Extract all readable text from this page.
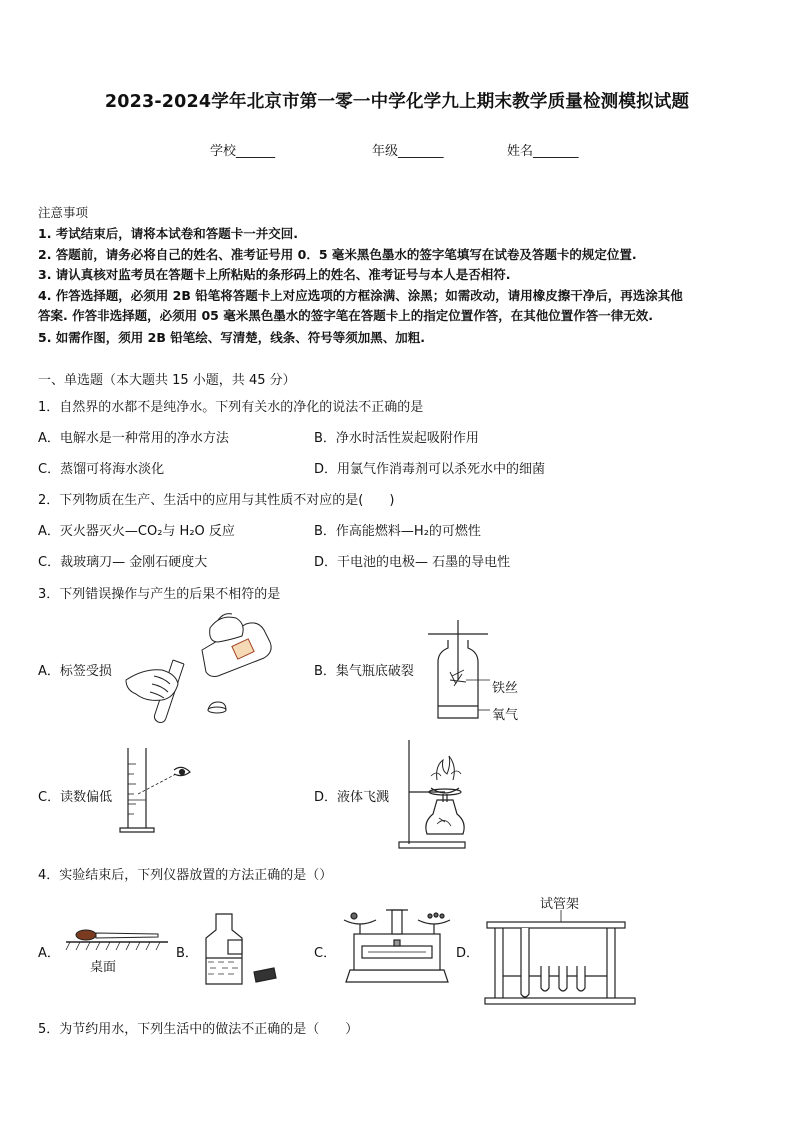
2023-2024学年北京市第一零一中学化学九上期末教学质量检测模拟试题
学校______	年级_______	姓名_______
注意事项
1. 考试结束后，请将本试卷和答题卡一并交回.
2. 答题前，请务必将自己的姓名、准考证号用 0．5 毫米黑色墨水的签字笔填写在试卷及答题卡的规定位置.
3. 请认真核对监考员在答题卡上所粘贴的条形码上的姓名、准考证号与本人是否相符.
4. 作答选择题，必须用 2B 铅笔将答题卡上对应选项的方框涂满、涂黑；如需改动，请用橡皮擦干净后，再选涂其他
答案. 作答非选择题，必须用 05 毫米黑色墨水的签字笔在答题卡上的指定位置作答，在其他位置作答一律无效.
5. 如需作图，须用 2B 铅笔绘、写清楚，线条、符号等须加黑、加粗.
一、单选题（本大题共 15 小题，共 45 分）
1．自然界的水都不是纯净水。下列有关水的净化的说法不正确的是
A．电解水是一种常用的净水方法	B．净水时活性炭起吸附作用
C．蒸馏可将海水淡化	D．用氯气作消毒剂可以杀死水中的细菌
2．下列物质在生产、生活中的应用与其性质不对应的是(　　)
A．灭火器灭火—CO₂与 H₂O 反应	B．作高能燃料—H₂的可燃性
C．裁玻璃刀— 金刚石硬度大	D．干电池的电极— 石墨的导电性
3．下列错误操作与产生的后果不相符的是
A．标签受损	B．集气瓶底破裂
C．读数偏低	D．液体飞溅
铁丝
氧气
4．实验结束后，下列仪器放置的方法正确的是（）
A．	B．	C．	D．
桌面
试管架
5．为节约用水，下列生活中的做法不正确的是（　　）
